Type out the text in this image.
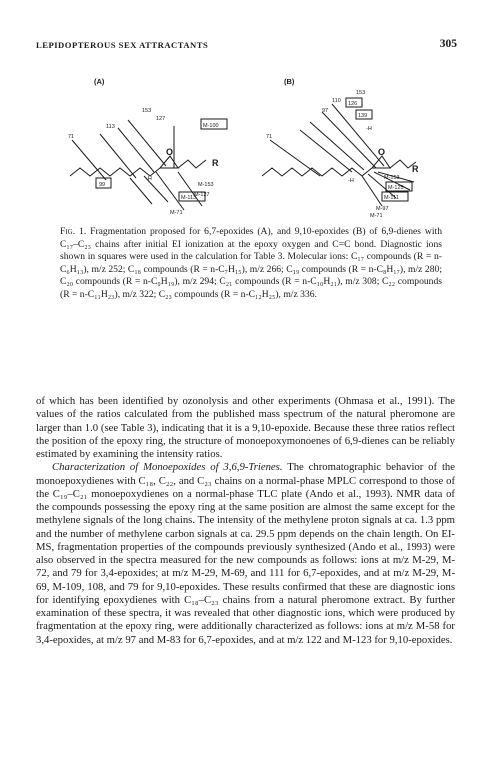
LEPIDOPTEROUS SEX ATTRACTANTS	305
(A)
153
127
113
71
M-100
99
-H
M-153
M-127
M-71
M-113
O
R
(B)
153
110
97
71
126
139
-H
-H	M-153
M-97
M-71
M-125
M-111
O
R
Fig. 1. Fragmentation proposed for 6,7-epoxides (A), and 9,10-epoxides (B) of 6,9-dienes with C₁₇–C₂₃ chains after initial EI ionization at the epoxy oxygen and C=C bond. Diagnostic ions shown in squares were used in the calculation for Table 3. Molecular ions: C₁₇ compounds (R = n-C₆H₁₃), m/z 252; C₁₈ compounds (R = n-C₇H₁₅), m/z 266; C₁₉ compounds (R = n-C₈H₁₇), m/z 280; C₂₀ compounds (R = n-C₉H₁₉), m/z 294; C₂₁ compounds (R = n-C₁₀H₂₁), m/z 308; C₂₂ compounds (R = n-C₁₁H₂₃), m/z 322; C₂₃ compounds (R = n-C₁₂H₂₅), m/z 336.

of which has been identified by ozonolysis and other experiments (Ohmasa et al., 1991). The values of the ratios calculated from the published mass spectrum of the natural pheromone are larger than 1.0 (see Table 3), indicating that it is a 9,10-epoxide. Because these three ratios reflect the position of the epoxy ring, the structure of monoepoxymonoenes of 6,9-dienes can be reliably estimated by examining the intensity ratios.

Characterization of Monoepoxides of 3,6,9-Trienes. The chromatographic behavior of the monoepoxydienes with C₁₈, C₂₂, and C₂₃ chains on a normal-phase MPLC correspond to those of the C₁₉–C₂₁ monoepoxydienes on a normal-phase TLC plate (Ando et al., 1993). NMR data of the compounds possessing the epoxy ring at the same position are almost the same except for the methylene signals of the long chains. The intensity of the methylene proton signals at ca. 1.3 ppm and the number of methylene carbon signals at ca. 29.5 ppm depends on the chain length. On EI-MS, fragmentation properties of the compounds previously synthesized (Ando et al., 1993) were also observed in the spectra measured for the new compounds as follows: ions at m/z M-29, M-72, and 79 for 3,4-epoxides; at m/z M-29, M-69, and 111 for 6,7-epoxides, and at m/z M-29, M-69, M-109, 108, and 79 for 9,10-epoxides. These results confirmed that these are diagnostic ions for identifying epoxydienes with C₁₈–C₂₃ chains from a natural pheromone extract. By further examination of these spectra, it was revealed that other diagnostic ions, which were produced by fragmentation at the epoxy ring, were additionally characterized as follows: ions at m/z M-58 for 3,4-epoxides, at m/z 97 and M-83 for 6,7-epoxides, and at m/z 122 and M-123 for 9,10-epoxides.
